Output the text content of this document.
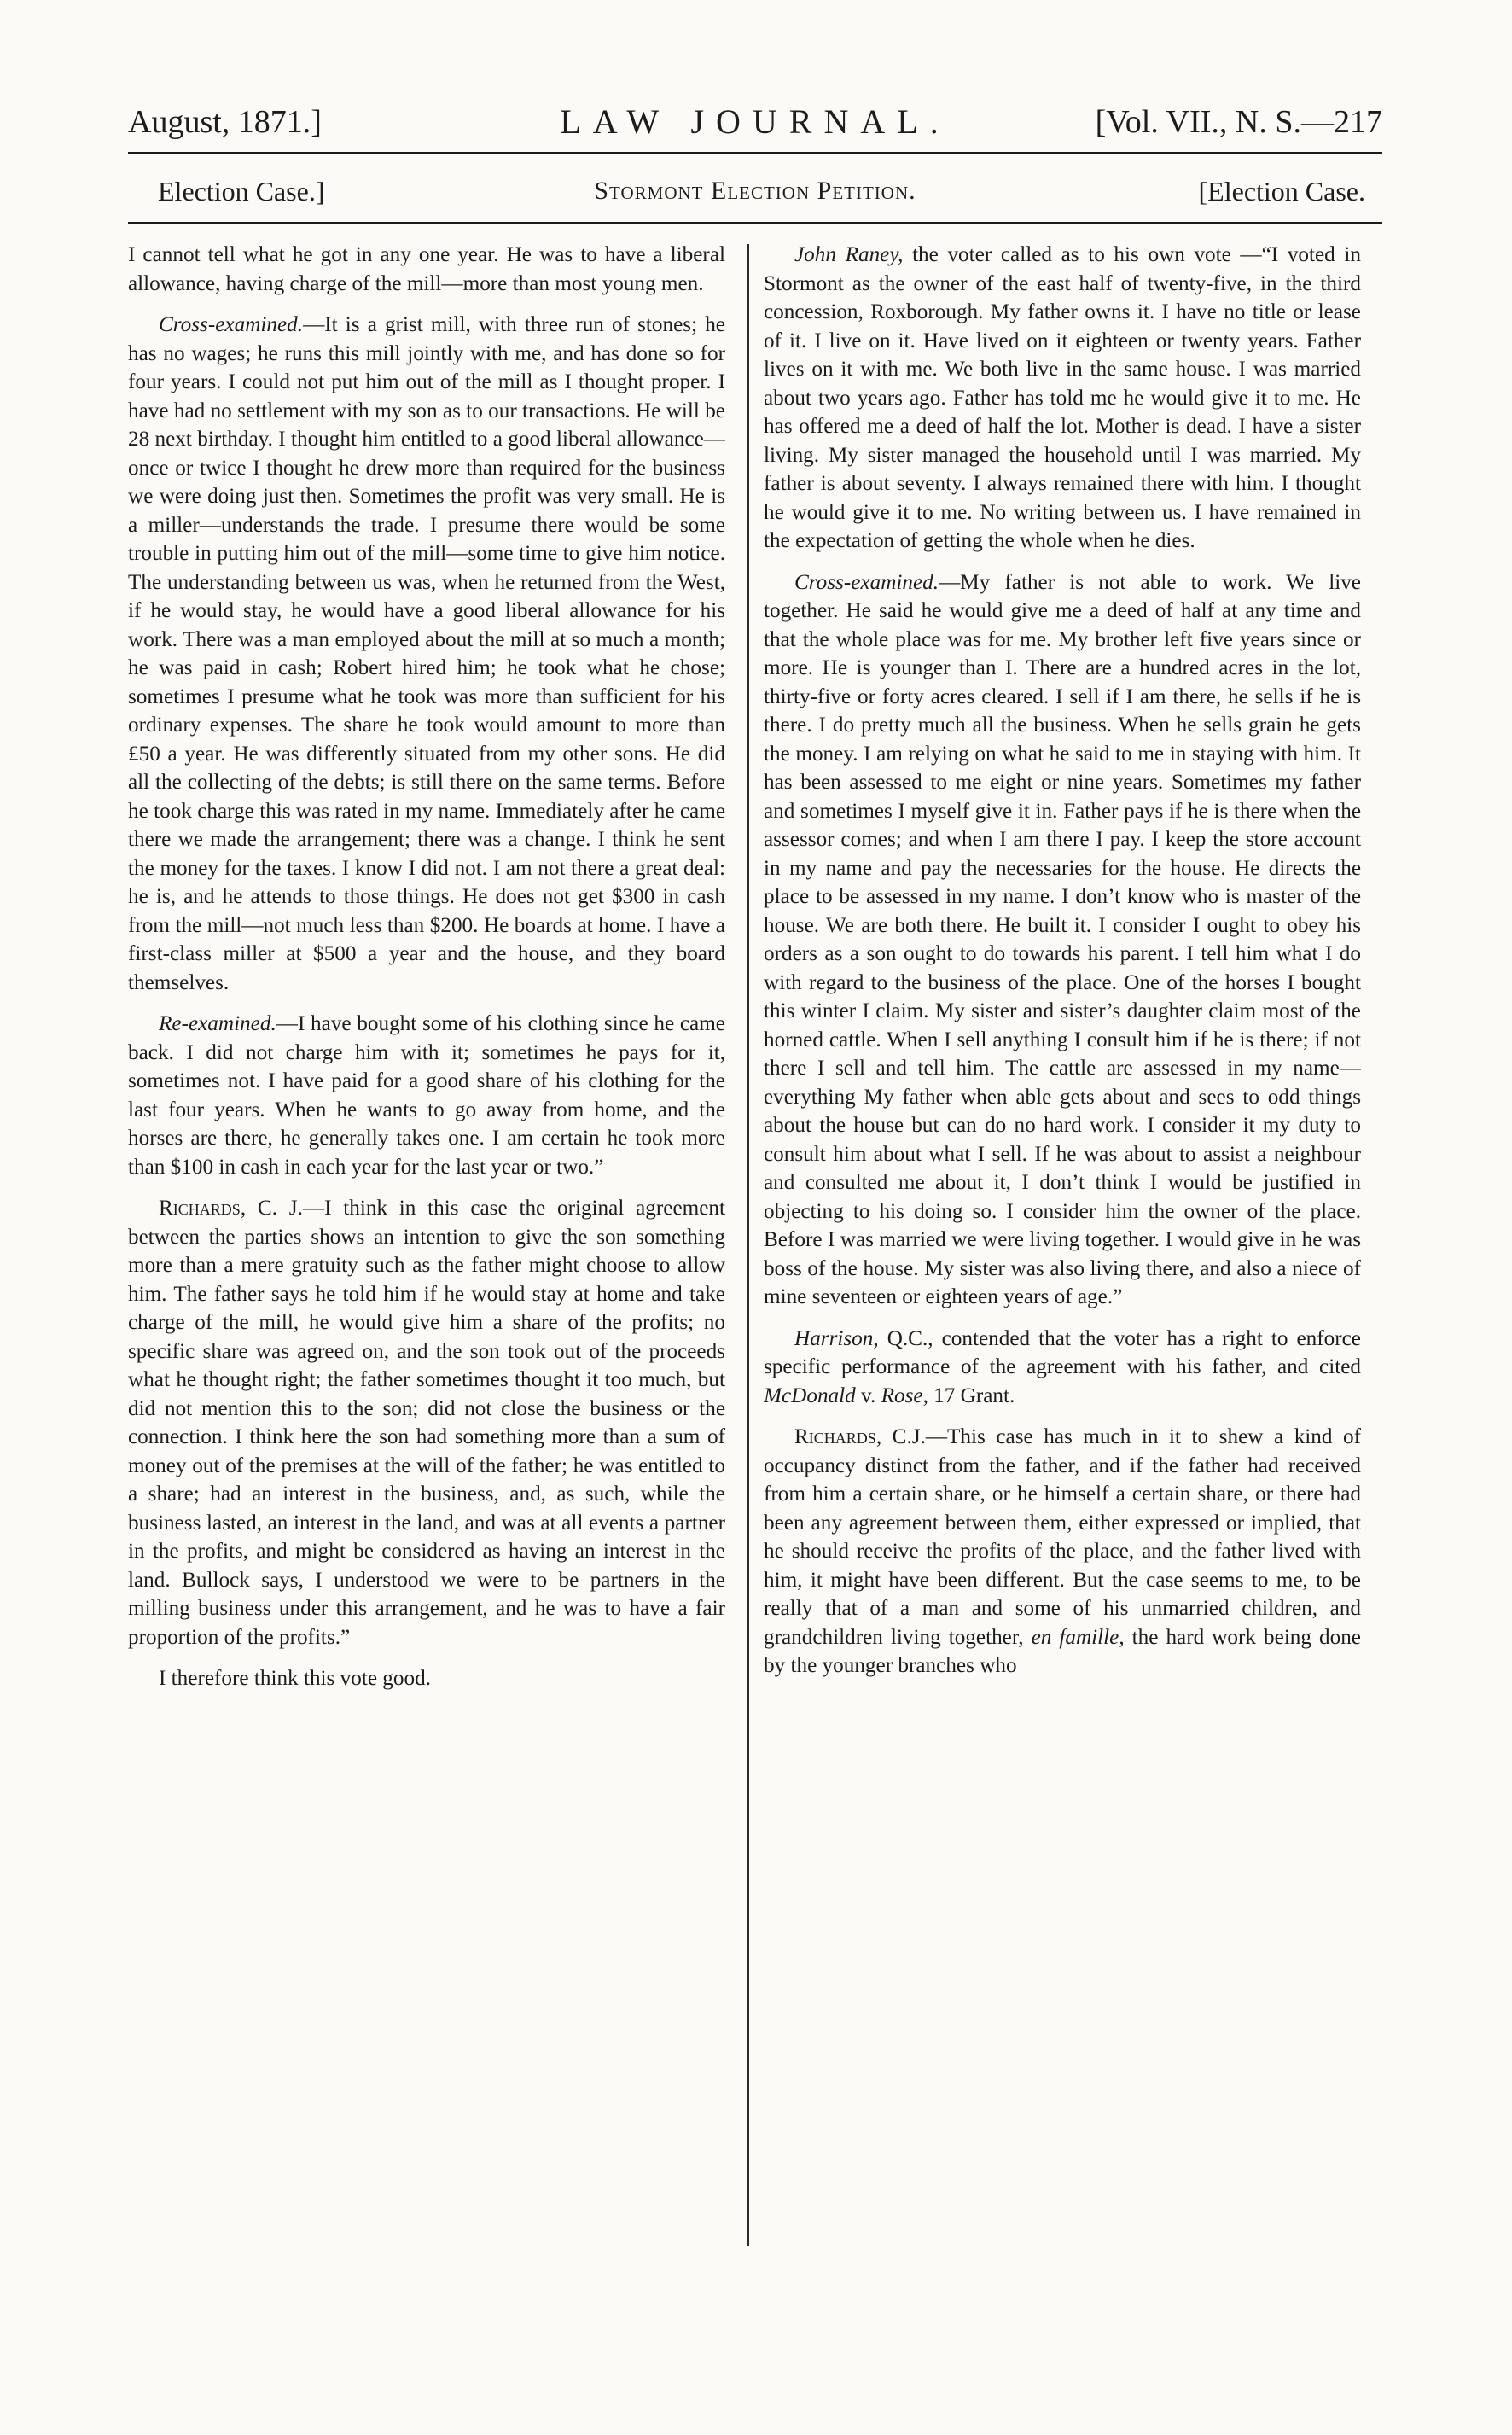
August, 1871.]	LAW JOURNAL.	[Vol. VII., N. S.—217
Election Case.]	Stormont Election Petition.	[Election Case.

I cannot tell what he got in any one year. He was to have a liberal allowance, having charge of the mill—more than most young men.

Cross-examined.—It is a grist mill, with three run of stones; he has no wages; he runs this mill jointly with me, and has done so for four years. I could not put him out of the mill as I thought proper. I have had no settlement with my son as to our transactions. He will be 28 next birthday. I thought him entitled to a good liberal allowance—once or twice I thought he drew more than required for the business we were doing just then. Sometimes the profit was very small. He is a miller—understands the trade. I presume there would be some trouble in putting him out of the mill—some time to give him notice. The understanding between us was, when he returned from the West, if he would stay, he would have a good liberal allowance for his work. There was a man employed about the mill at so much a month; he was paid in cash; Robert hired him; he took what he chose; sometimes I presume what he took was more than sufficient for his ordinary expenses. The share he took would amount to more than £50 a year. He was differently situated from my other sons. He did all the collecting of the debts; is still there on the same terms. Before he took charge this was rated in my name. Immediately after he came there we made the arrangement; there was a change. I think he sent the money for the taxes. I know I did not. I am not there a great deal: he is, and he attends to those things. He does not get $300 in cash from the mill—not much less than $200. He boards at home. I have a first-class miller at $500 a year and the house, and they board themselves.

Re-examined.—I have bought some of his clothing since he came back. I did not charge him with it; sometimes he pays for it, sometimes not. I have paid for a good share of his clothing for the last four years. When he wants to go away from home, and the horses are there, he generally takes one. I am certain he took more than $100 in cash in each year for the last year or two.”

Richards, C. J.—I think in this case the original agreement between the parties shows an intention to give the son something more than a mere gratuity such as the father might choose to allow him. The father says he told him if he would stay at home and take charge of the mill, he would give him a share of the profits; no specific share was agreed on, and the son took out of the proceeds what he thought right; the father sometimes thought it too much, but did not mention this to the son; did not close the business or the connection. I think here the son had something more than a sum of money out of the premises at the will of the father; he was entitled to a share; had an interest in the business, and, as such, while the business lasted, an interest in the land, and was at all events a partner in the profits, and might be considered as having an interest in the land. Bullock says, I understood we were to be partners in the milling business under this arrangement, and he was to have a fair proportion of the profits.”

I therefore think this vote good.

John Raney, the voter called as to his own vote —“I voted in Stormont as the owner of the east half of twenty-five, in the third concession, Roxborough. My father owns it. I have no title or lease of it. I live on it. Have lived on it eighteen or twenty years. Father lives on it with me. We both live in the same house. I was married about two years ago. Father has told me he would give it to me. He has offered me a deed of half the lot. Mother is dead. I have a sister living. My sister managed the household until I was married. My father is about seventy. I always remained there with him. I thought he would give it to me. No writing between us. I have remained in the expectation of getting the whole when he dies.

Cross-examined.—My father is not able to work. We live together. He said he would give me a deed of half at any time and that the whole place was for me. My brother left five years since or more. He is younger than I. There are a hundred acres in the lot, thirty-five or forty acres cleared. I sell if I am there, he sells if he is there. I do pretty much all the business. When he sells grain he gets the money. I am relying on what he said to me in staying with him. It has been assessed to me eight or nine years. Sometimes my father and sometimes I myself give it in. Father pays if he is there when the assessor comes; and when I am there I pay. I keep the store account in my name and pay the necessaries for the house. He directs the place to be assessed in my name. I don’t know who is master of the house. We are both there. He built it. I consider I ought to obey his orders as a son ought to do towards his parent. I tell him what I do with regard to the business of the place. One of the horses I bought this winter I claim. My sister and sister’s daughter claim most of the horned cattle. When I sell anything I consult him if he is there; if not there I sell and tell him. The cattle are assessed in my name—everything My father when able gets about and sees to odd things about the house but can do no hard work. I consider it my duty to consult him about what I sell. If he was about to assist a neighbour and consulted me about it, I don’t think I would be justified in objecting to his doing so. I consider him the owner of the place. Before I was married we were living together. I would give in he was boss of the house. My sister was also living there, and also a niece of mine seventeen or eighteen years of age.”

Harrison, Q.C., contended that the voter has a right to enforce specific performance of the agreement with his father, and cited McDonald v. Rose, 17 Grant.

Richards, C.J.—This case has much in it to shew a kind of occupancy distinct from the father, and if the father had received from him a certain share, or he himself a certain share, or there had been any agreement between them, either expressed or implied, that he should receive the profits of the place, and the father lived with him, it might have been different. But the case seems to me, to be really that of a man and some of his unmarried children, and grandchildren living together, en famille, the hard work being done by the younger branches who
